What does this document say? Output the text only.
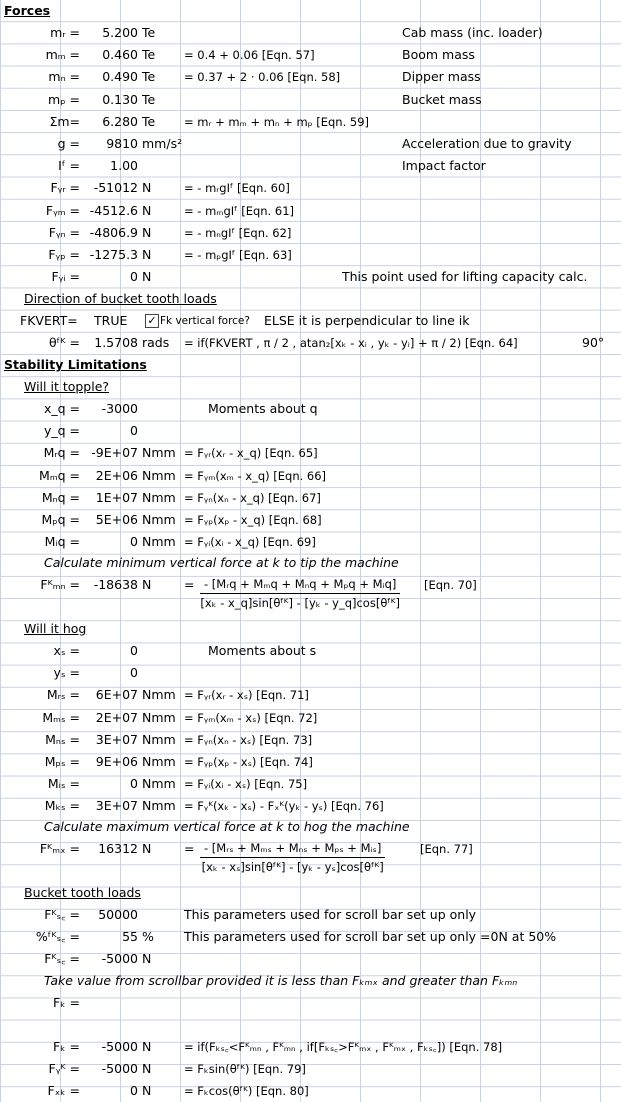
Forces
mᵣ =	5.200 Te	Cab mass (inc. loader)
mₘ =	0.460 Te	= 0.4 + 0.06 [Eqn. 57]	Boom mass
mₙ =	0.490 Te	= 0.37 + 2 · 0.06 [Eqn. 58]	Dipper mass
mₚ =	0.130 Te	Bucket mass
Σm=	6.280 Te	= mᵣ + mₘ + mₙ + mₚ [Eqn. 59]
g =	9810 mm/s²	Acceleration due to gravity
Iᶠ =	1.00	Impact factor
Fᵧᵣ =	-51012 N	= - mᵣgIᶠ [Eqn. 60]
Fᵧₘ = -4512.6 N	= - mₘgIᶠ [Eqn. 61]
Fᵧₙ = -4806.9 N	= - mₙgIᶠ [Eqn. 62]
Fᵧₚ = -1275.3 N	= - mₚgIᶠ [Eqn. 63]
Fᵧᵢ =	0 N	This point used for lifting capacity calc.
Direction of bucket tooth loads
FKVERT= TRUE ✓ Fk vertical force? ELSE it is perpendicular to line ik
θᶠᴷ =	1.5708 rads = if(FKVERT , π / 2 , atan₂[xₖ - xᵢ , yₖ - yᵢ] + π / 2) [Eqn. 64]	90°
Stability Limitations
Will it topple?
x_q =	-3000	Moments about q
y_q =	0
Mᵣq = -9E+07 Nmm = Fᵧᵣ(xᵣ - x_q) [Eqn. 65]
Mₘq =	2E+06 Nmm = Fᵧₘ(xₘ - x_q) [Eqn. 66]
Mₙq =	1E+07 Nmm = Fᵧₙ(xₙ - x_q) [Eqn. 67]
Mₚq =	5E+06 Nmm = Fᵧₚ(xₚ - x_q) [Eqn. 68]
Mᵢq =	0 Nmm = Fᵧᵢ(xᵢ - x_q) [Eqn. 69]
Calculate minimum vertical force at k to tip the machine
Fᴷₘₙ =	-18638 N	= - [Mᵣq + Mₘq + Mₙq + Mₚq + Mᵢq]
[xₖ - x_q]sin[θᶠᴷ] - [yₖ - y_q]cos[θᶠᴷ]
[Eqn. 70]
Will it hog
xₛ =	0	Moments about s
yₛ =	0
Mᵣₛ =	6E+07 Nmm = Fᵧᵣ(xᵣ - xₛ) [Eqn. 71]
Mₘₛ =	2E+07 Nmm = Fᵧₘ(xₘ - xₛ) [Eqn. 72]
Mₙₛ =	3E+07 Nmm = Fᵧₙ(xₙ - xₛ) [Eqn. 73]
Mₚₛ =	9E+06 Nmm = Fᵧₚ(xₚ - xₛ) [Eqn. 74]
Mᵢₛ =	0 Nmm = Fᵧᵢ(xᵢ - xₛ) [Eqn. 75]
Mₖₛ =	3E+07 Nmm = Fᵧᴷ(xₖ - xₛ) - Fₓᴷ(yₖ - yₛ) [Eqn. 76]
Calculate maximum vertical force at k to hog the machine
Fᴷₘₓ =	16312 N	= - [Mᵣₛ + Mₘₛ + Mₙₛ + Mₚₛ + Mᵢₛ]
[xₖ - xₛ]sin[θᶠᴷ] - [yₖ - yₛ]cos[θᶠᴷ]
[Eqn. 77]
Bucket tooth loads
Fᴷₛ꜀ =	50000	This parameters used for scroll bar set up only
%ᶠᴷₛ꜀ =	55 % This parameters used for scroll bar set up only =0N at 50%
Fᴷₛ꜀ =	-5000 N
Take value from scrollbar provided it is less than Fₖₘₓ and greater than Fₖₘₙ
Fₖ =
Fₖ =	-5000 N	= if(Fₖₛ꜀<Fᴷₘₙ , Fᴷₘₙ , if[Fₖₛ꜀>Fᴷₘₓ , Fᴷₘₓ , Fₖₛ꜀]) [Eqn. 78]
Fᵧᴷ =	-5000 N	= Fₖsin(θᶠᴷ) [Eqn. 79]
Fₓₖ =	0 N	= Fₖcos(θᶠᴷ) [Eqn. 80]
